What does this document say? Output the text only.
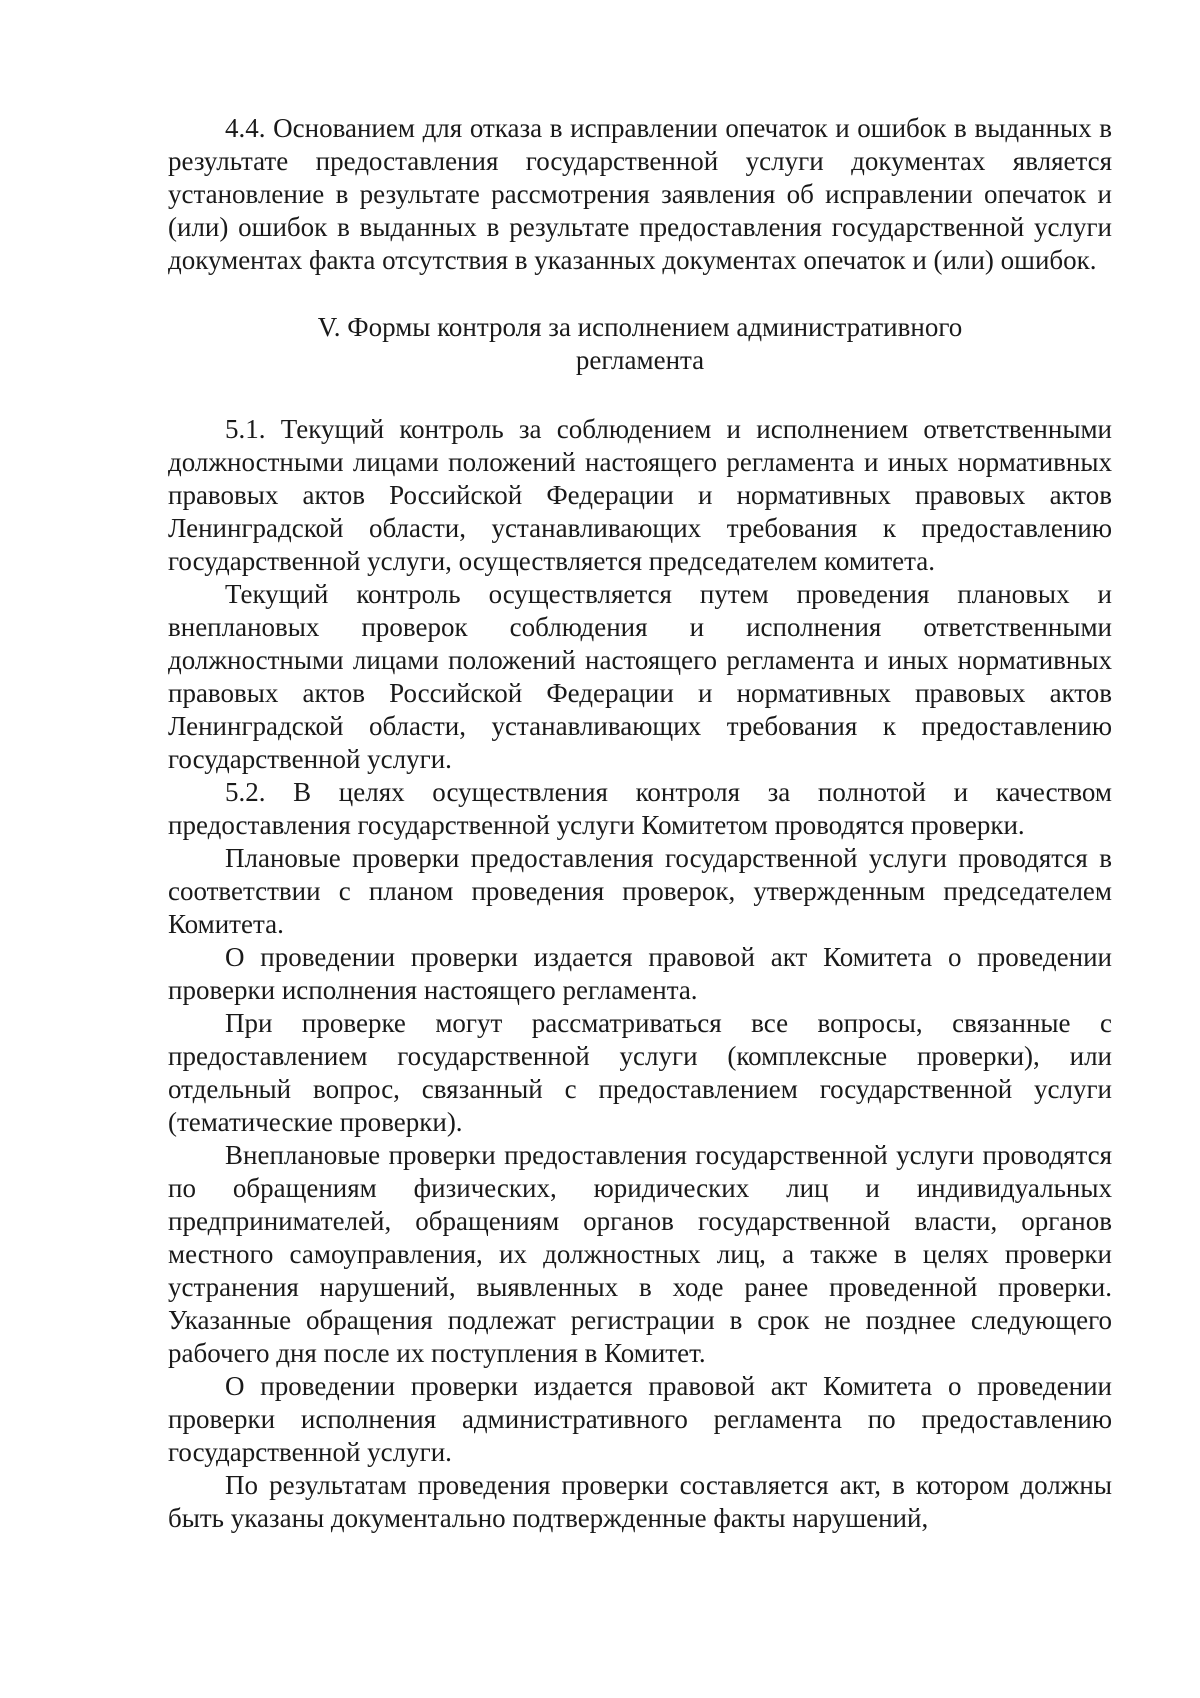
4.4. Основанием для отказа в исправлении опечаток и ошибок в выданных в результате предоставления государственной услуги документах является установление в результате рассмотрения заявления об исправлении опечаток и (или) ошибок в выданных в результате предоставления государственной услуги документах факта отсутствия в указанных документах опечаток и (или) ошибок.

V. Формы контроля за исполнением административного
регламента

5.1. Текущий контроль за соблюдением и исполнением ответственными должностными лицами положений настоящего регламента и иных нормативных правовых актов Российской Федерации и нормативных правовых актов Ленинградской области, устанавливающих требования к предоставлению государственной услуги, осуществляется председателем комитета.

Текущий контроль осуществляется путем проведения плановых и внеплановых проверок соблюдения и исполнения ответственными должностными лицами положений настоящего регламента и иных нормативных правовых актов Российской Федерации и нормативных правовых актов Ленинградской области, устанавливающих требования к предоставлению государственной услуги.

5.2. В целях осуществления контроля за полнотой и качеством предоставления государственной услуги Комитетом проводятся проверки.

Плановые проверки предоставления государственной услуги проводятся в соответствии с планом проведения проверок, утвержденным председателем Комитета.

О проведении проверки издается правовой акт Комитета о проведении проверки исполнения настоящего регламента.

При проверке могут рассматриваться все вопросы, связанные с предоставлением государственной услуги (комплексные проверки), или отдельный вопрос, связанный с предоставлением государственной услуги (тематические проверки).

Внеплановые проверки предоставления государственной услуги проводятся по обращениям физических, юридических лиц и индивидуальных предпринимателей, обращениям органов государственной власти, органов местного самоуправления, их должностных лиц, а также в целях проверки устранения нарушений, выявленных в ходе ранее проведенной проверки. Указанные обращения подлежат регистрации в срок не позднее следующего рабочего дня после их поступления в Комитет.

О проведении проверки издается правовой акт Комитета о проведении проверки исполнения административного регламента по предоставлению государственной услуги.

По результатам проведения проверки составляется акт, в котором должны быть указаны документально подтвержденные факты нарушений,
